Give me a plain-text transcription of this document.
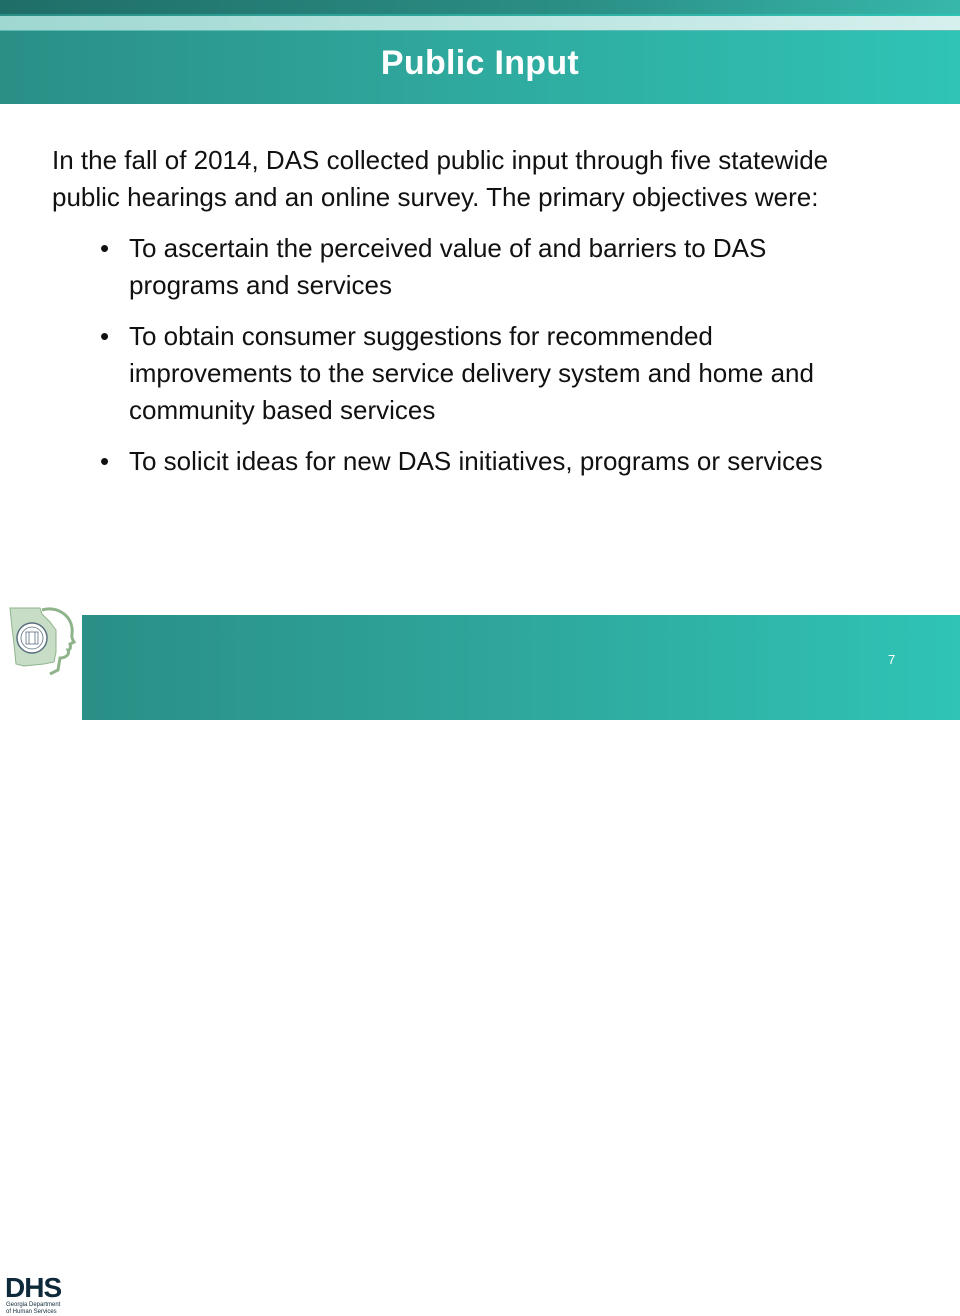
Public Input

In the fall of 2014, DAS collected public input through five statewide public hearings and an online survey. The primary objectives were:

• To ascertain the perceived value of and barriers to DAS programs and services
• To obtain consumer suggestions for recommended improvements to the service delivery system and home and community based services
• To solicit ideas for new DAS initiatives, programs or services
7
DHS
Georgia Department
of Human Services
